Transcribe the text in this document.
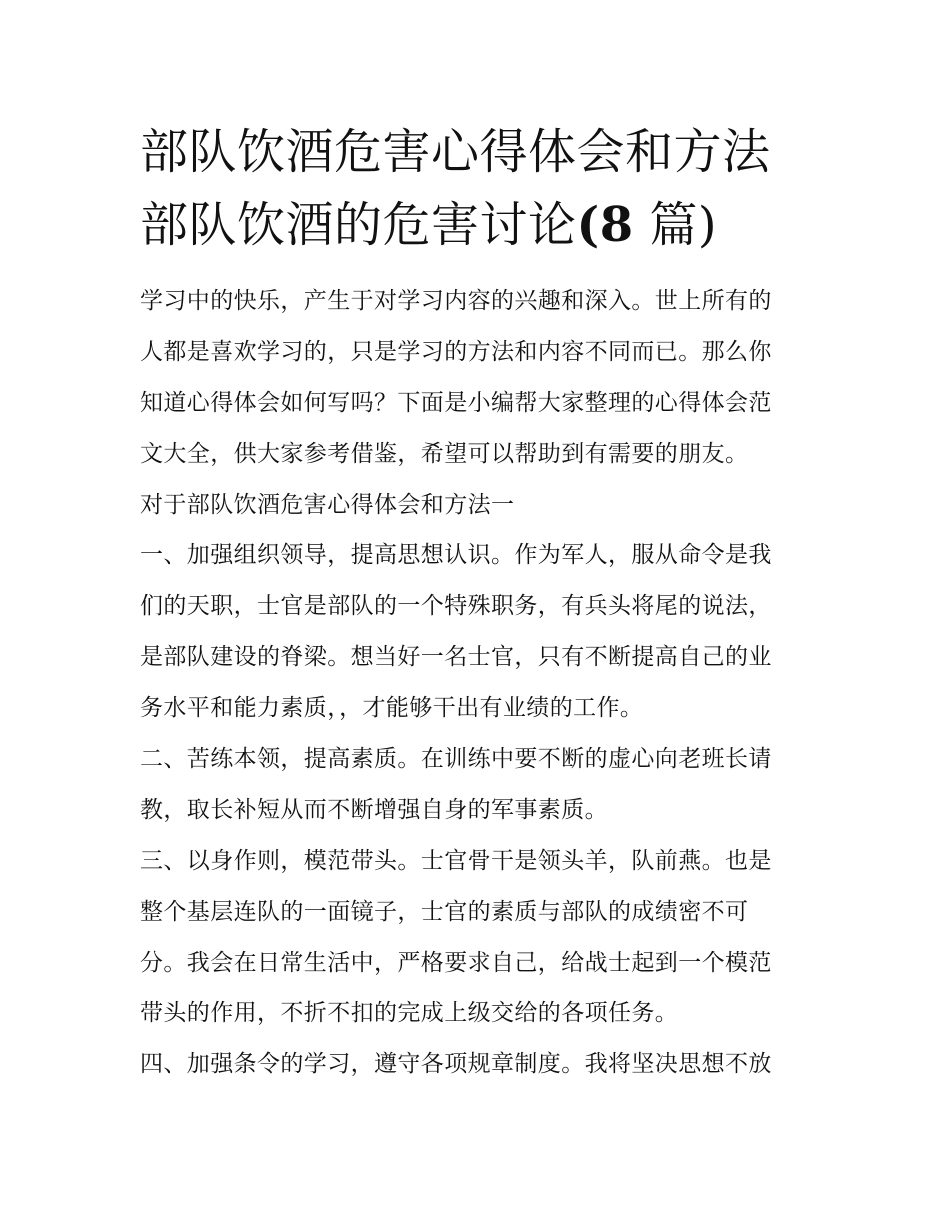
部队饮酒危害心得体会和方法
部队饮酒的危害讨论(8 篇)
学习中的快乐，产生于对学习内容的兴趣和深入。世上所有的
人都是喜欢学习的，只是学习的方法和内容不同而已。那么你
知道心得体会如何写吗？下面是小编帮大家整理的心得体会范
文大全，供大家参考借鉴，希望可以帮助到有需要的朋友。
对于部队饮酒危害心得体会和方法一
一、加强组织领导，提高思想认识。作为军人，服从命令是我
们的天职，士官是部队的一个特殊职务，有兵头将尾的说法，
是部队建设的脊梁。想当好一名士官，只有不断提高自己的业
务水平和能力素质，，才能够干出有业绩的工作。
二、苦练本领，提高素质。在训练中要不断的虚心向老班长请
教，取长补短从而不断增强自身的军事素质。
三、以身作则，模范带头。士官骨干是领头羊，队前燕。也是
整个基层连队的一面镜子，士官的素质与部队的成绩密不可
分。我会在日常生活中，严格要求自己，给战士起到一个模范
带头的作用，不折不扣的完成上级交给的各项任务。
四、加强条令的学习，遵守各项规章制度。我将坚决思想不放
